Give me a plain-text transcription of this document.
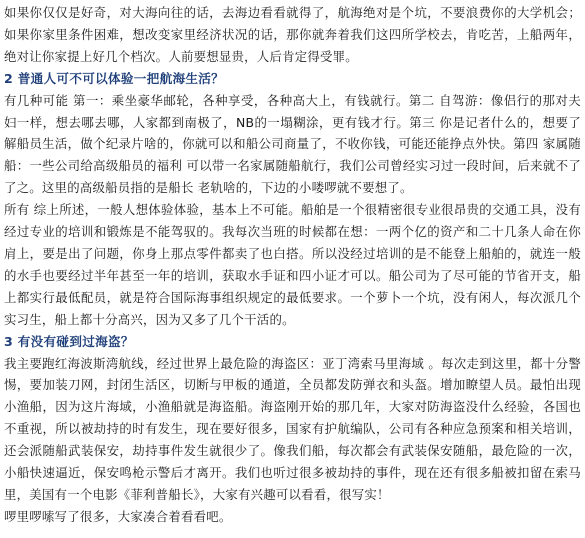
如果你仅仅是好奇，对大海向往的话，去海边看看就得了，航海绝对是个坑，不要浪费你的大学机会；如果你家里条件困难，想改变家里经济状况的话，那你就奔着我们这四所学校去，肯吃苦，上船两年，绝对让你家提上好几个档次。人前要想显贵，人后肯定得受罪。

2 普通人可不可以体验一把航海生活？

有几种可能 第一：乘坐豪华邮轮，各种享受，各种高大上，有钱就行。第二 自驾游：像侣行的那对夫妇一样，想去哪去哪，人家都到南极了，NB的一塌糊涂，更有钱才行。第三 你是记者什么的，想要了解船员生活，做个纪录片啥的，你就可以和船公司商量了，不收你钱，可能还能挣点外快。第四 家属随船：一些公司给高级船员的福利 可以带一名家属随船航行，我们公司曾经实习过一段时间，后来就不了了之。这里的高级船员指的是船长 老轨啥的，下边的小喽啰就不要想了。

所有 综上所述，一般人想体验体验，基本上不可能。船舶是一个很精密很专业很昂贵的交通工具，没有经过专业的培训和锻炼是不能驾驭的。我每次当班的时候都在想：一两个亿的资产和二十几条人命在你肩上，要是出了问题，你身上那点零件都卖了也白搭。所以没经过培训的是不能登上船舶的，就连一般的水手也要经过半年甚至一年的培训，获取水手证和四小证才可以。船公司为了尽可能的节省开支，船上都实行最低配员，就是符合国际海事组织规定的最低要求。一个萝卜一个坑，没有闲人，每次派几个实习生，船上都十分高兴，因为又多了几个干活的。

3 有没有碰到过海盗？

我主要跑红海波斯湾航线，经过世界上最危险的海盗区：亚丁湾索马里海域 。每次走到这里，都十分警惕，要加装刀网，封闭生活区，切断与甲板的通道，全员都发防弹衣和头盔。增加瞭望人员。最怕出现小渔船，因为这片海域，小渔船就是海盗船。海盗刚开始的那几年，大家对防海盗没什么经验，各国也不重视，所以被劫持的时有发生，现在要好很多，国家有护航编队，公司有各种应急预案和相关培训，还会派随船武装保安，劫持事件发生就很少了。像我们船，每次都会有武装保安随船，最危险的一次，小船快速逼近，保安鸣枪示警后才离开。我们也听过很多被劫持的事件，现在还有很多船被扣留在索马里，美国有一个电影《菲利普船长》，大家有兴趣可以看看，很写实！

啰里啰嗦写了很多，大家凑合着看看吧。
